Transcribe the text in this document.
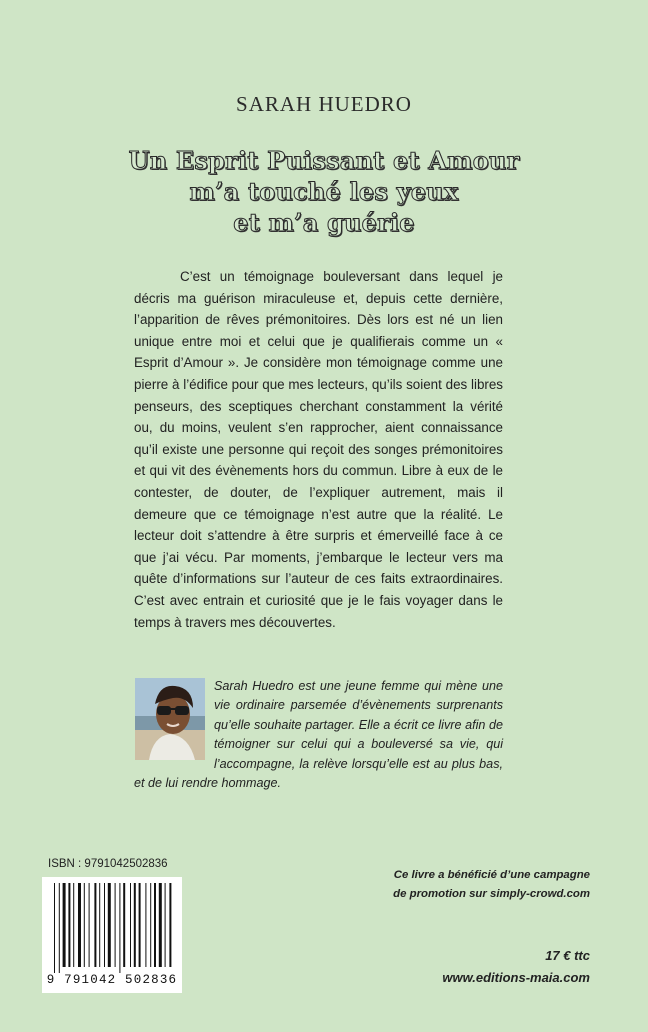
SARAH HUEDRO
Un Esprit Puissant et Amour
m’a touché les yeux
et m’a guérie
C’est un témoignage bouleversant dans lequel je décris ma guérison miraculeuse et, depuis cette dernière, l’apparition de rêves prémonitoires. Dès lors est né un lien unique entre moi et celui que je qualifierais comme un « Esprit d’Amour ». Je considère mon témoignage comme une pierre à l’édifice pour que mes lecteurs, qu’ils soient des libres penseurs, des sceptiques cherchant constamment la vérité ou, du moins, veulent s’en rapprocher, aient connaissance qu’il existe une personne qui reçoit des songes prémonitoires et qui vit des évènements hors du commun. Libre à eux de le contester, de douter, de l’expliquer autrement, mais il demeure que ce témoignage n’est autre que la réalité. Le lecteur doit s’attendre à être surpris et émerveillé face à ce que j’ai vécu. Par moments, j’embarque le lecteur vers ma quête d’informations sur l’auteur de ces faits extraordinaires. C’est avec entrain et curiosité que je le fais voyager dans le temps à travers mes découvertes.
Sarah Huedro est une jeune femme qui mène une vie ordinaire parsemée d’évènements surprenants qu’elle souhaite partager. Elle a écrit ce livre afin de témoigner sur celui qui a bouleversé sa vie, qui l’accompagne, la relève lorsqu’elle est au plus bas, et de lui rendre hommage.
ISBN : 9791042502836
9 791042 502836
Ce livre a bénéficié d’une campagne
de promotion sur simply-crowd.com
17 € ttc
www.editions-maia.com
